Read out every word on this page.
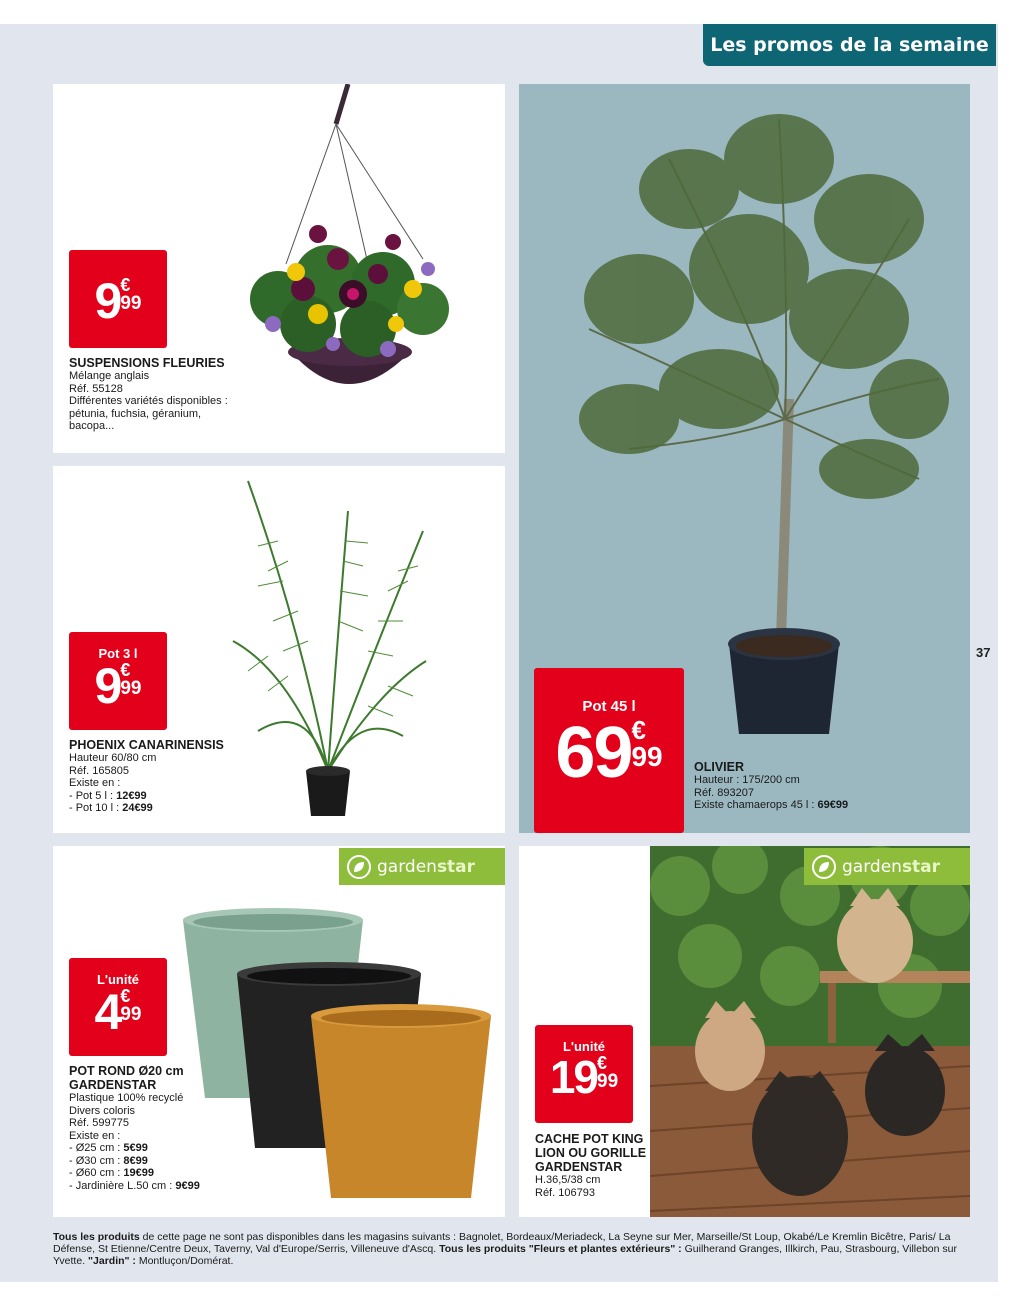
Les promos de la semaine
37
9 €
99
SUSPENSIONS FLEURIES
Mélange anglais
Réf. 55128
Différentes variétés disponibles :
pétunia, fuchsia, géranium,
bacopa...
Pot 3 l
9 €
99
PHOENIX CANARINENSIS
Hauteur 60/80 cm
Réf. 165805
Existe en :
- Pot 5 l : 12€99
- Pot 10 l : 24€99
Pot 45 l
69 €
99	OLIVIER
Hauteur : 175/200 cm
Réf. 893207
Existe chamaerops 45 l : 69€99
garden star
L'unité
4 €
99
POT ROND Ø20 cm
GARDENSTAR
Plastique 100% recyclé
Divers coloris
Réf. 599775
Existe en :
- Ø25 cm : 5€99
- Ø30 cm : 8€99
- Ø60 cm : 19€99
- Jardinière L.50 cm : 9€99
garden star
L'unité
19 €
99
CACHE POT KING
LION OU GORILLE
GARDENSTAR
H.36,5/38 cm
Réf. 106793
Tous les produits de cette page ne sont pas disponibles dans les magasins suivants : Bagnolet, Bordeaux/Meriadeck, La Seyne sur Mer, Marseille/St Loup, Okabé/Le Kremlin Bicêtre, Paris/ La Défense, St Etienne/Centre Deux, Taverny, Val d'Europe/Serris, Villeneuve d'Ascq. Tous les produits "Fleurs et plantes extérieurs" : Guilherand Granges, Illkirch, Pau, Strasbourg, Villebon sur Yvette. "Jardin" : Montluçon/Domérat.
